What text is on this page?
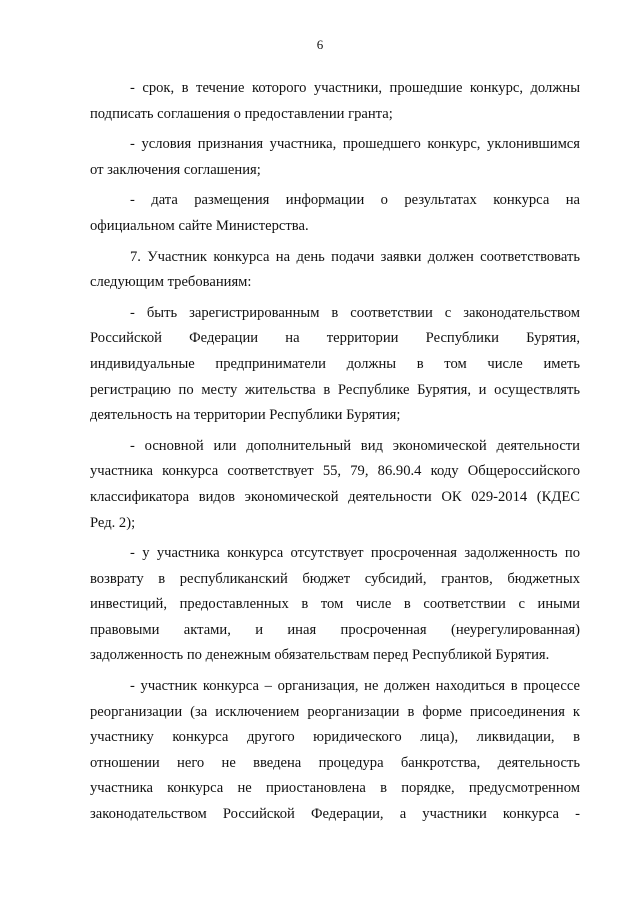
6

- срок, в течение которого участники, прошедшие конкурс, должны
подписать соглашения о предоставлении гранта;

- условия признания участника, прошедшего конкурс, уклонившимся
от заключения соглашения;

- дата размещения информации о результатах конкурса на
официальном сайте Министерства.

7. Участник конкурса на день подачи заявки должен соответствовать
следующим требованиям:

- быть зарегистрированным в соответствии с законодательством
Российской Федерации на территории Республики Бурятия,
индивидуальные предприниматели должны в том числе иметь
регистрацию по месту жительства в Республике Бурятия, и осуществлять
деятельность на территории Республики Бурятия;

- основной или дополнительный вид экономической деятельности
участника конкурса соответствует 55, 79, 86.90.4 коду Общероссийского
классификатора видов экономической деятельности ОК 029-2014 (КДЕС
Ред. 2);

- у участника конкурса отсутствует просроченная задолженность по
возврату в республиканский бюджет субсидий, грантов, бюджетных
инвестиций, предоставленных в том числе в соответствии с иными
правовыми актами, и иная просроченная (неурегулированная)
задолженность по денежным обязательствам перед Республикой Бурятия.

- участник конкурса – организация, не должен находиться в процессе
реорганизации (за исключением реорганизации в форме присоединения к
участнику конкурса другого юридического лица), ликвидации, в
отношении него не введена процедура банкротства, деятельность
участника конкурса не приостановлена в порядке, предусмотренном
законодательством Российской Федерации, а участники конкурса -
